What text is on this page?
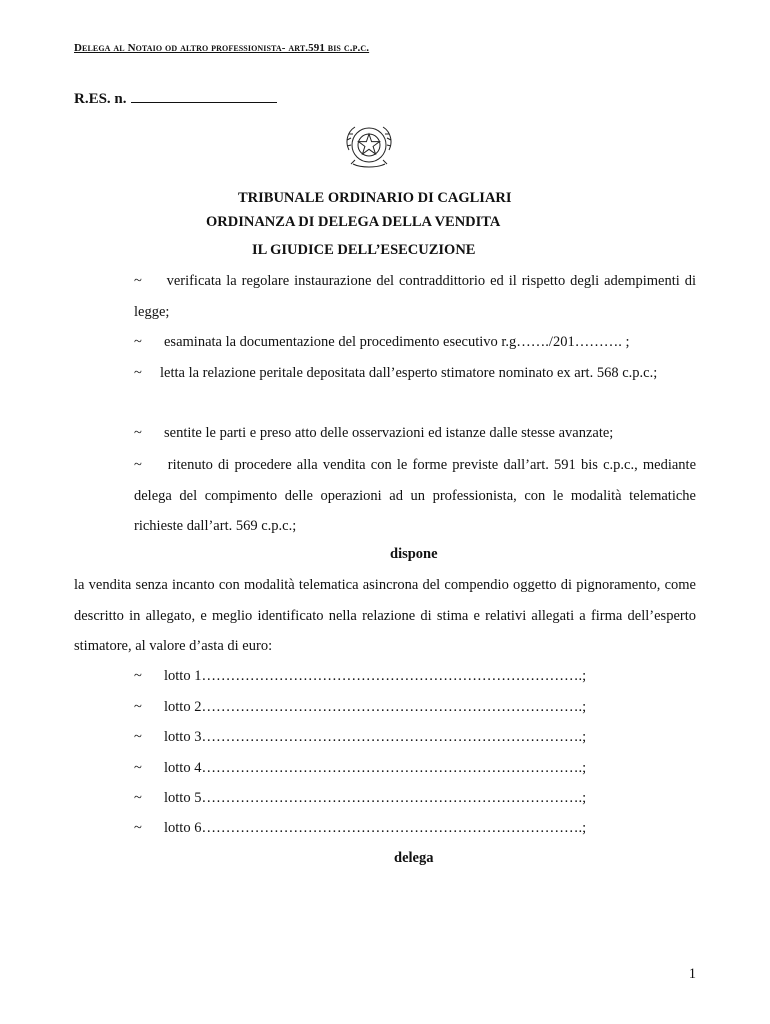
Delega al Notaio od altro professionista- art.591 bis c.p.c.
R.ES. n.
TRIBUNALE ORDINARIO DI CAGLIARI
ORDINANZA DI DELEGA DELLA VENDITA
IL GIUDICE DELL’ESECUZIONE
~ verificata la regolare instaurazione del contraddittorio ed il rispetto degli adempimenti di legge;
~ esaminata la documentazione del procedimento esecutivo r.g……./201………. ;
~ letta la relazione peritale depositata dall’esperto stimatore nominato ex art. 568 c.p.c.;
~ sentite le parti e preso atto delle osservazioni ed istanze dalle stesse avanzate;
~ ritenuto di procedere alla vendita con le forme previste dall’art. 591 bis c.p.c., mediante delega del compimento delle operazioni ad un professionista, con le modalità telematiche richieste dall’art. 569 c.p.c.;
dispone
la vendita senza incanto con modalità telematica asincrona del compendio oggetto di pignoramento, come descritto in allegato, e meglio identificato nella relazione di stima e relativi allegati a firma dell’esperto stimatore, al valore d’asta di euro:
~ lotto 1…………………………………………………………………….;
~ lotto 2…………………………………………………………………….;
~ lotto 3…………………………………………………………………….;
~ lotto 4…………………………………………………………………….;
~ lotto 5…………………………………………………………………….;
~ lotto 6…………………………………………………………………….;
delega
1
